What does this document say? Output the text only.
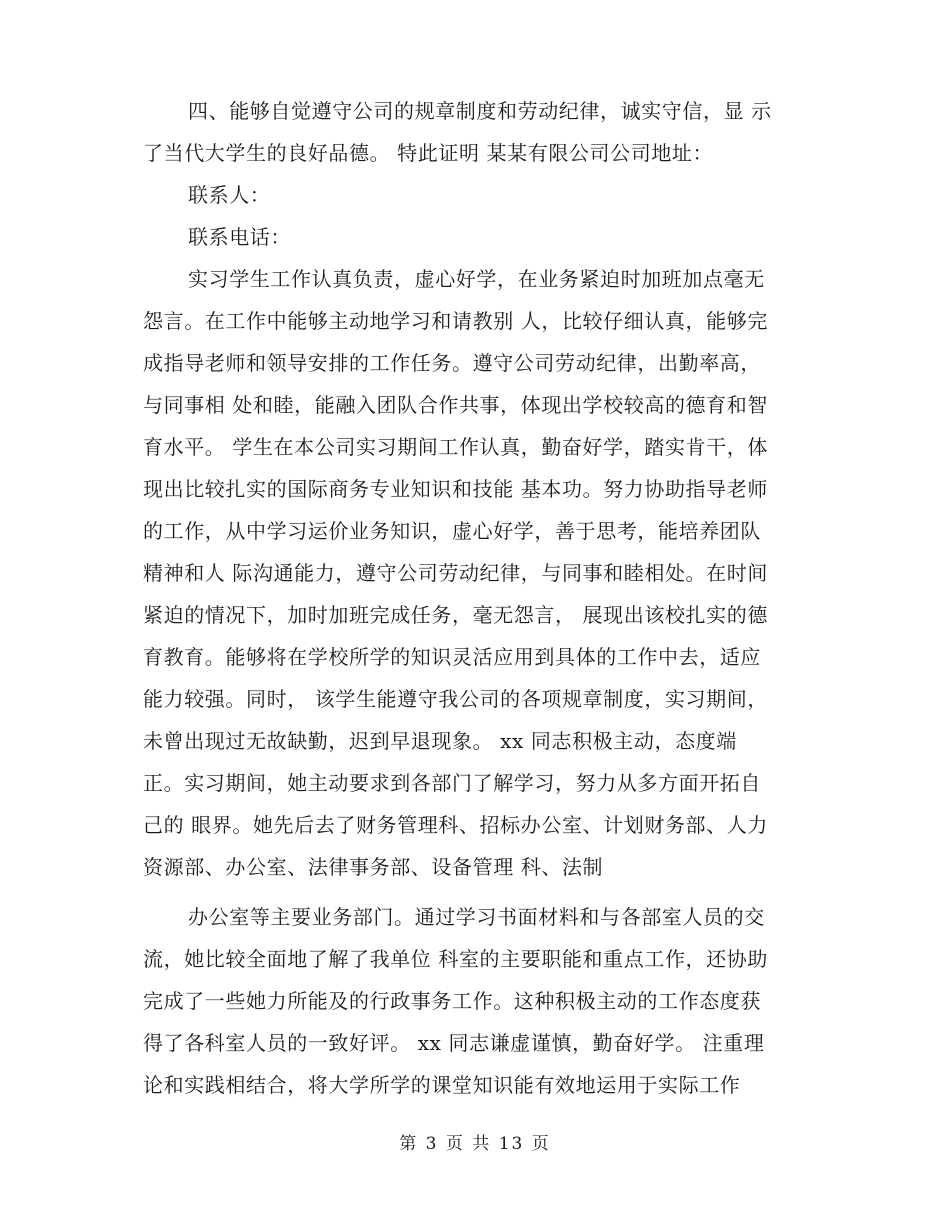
四、能够自觉遵守公司的规章制度和劳动纪律，诚实守信，显 示
了当代大学生的良好品德。 特此证明 某某有限公司公司地址：
联系人：
联系电话：
实习学生工作认真负责，虚心好学，在业务紧迫时加班加点毫无
怨言。在工作中能够主动地学习和请教别 人，比较仔细认真，能够完
成指导老师和领导安排的工作任务。遵守公司劳动纪律，出勤率高，
与同事相 处和睦，能融入团队合作共事，体现出学校较高的德育和智
育水平。 学生在本公司实习期间工作认真，勤奋好学，踏实肯干，体
现出比较扎实的国际商务专业知识和技能 基本功。努力协助指导老师
的工作，从中学习运价业务知识，虚心好学，善于思考，能培养团队
精神和人 际沟通能力，遵守公司劳动纪律，与同事和睦相处。在时间
紧迫的情况下，加时加班完成任务，毫无怨言， 展现出该校扎实的德
育教育。能够将在学校所学的知识灵活应用到具体的工作中去，适应
能力较强。同时， 该学生能遵守我公司的各项规章制度，实习期间，
未曾出现过无故缺勤，迟到早退现象。 xx 同志积极主动，态度端
正。实习期间，她主动要求到各部门了解学习，努力从多方面开拓自
己的 眼界。她先后去了财务管理科、招标办公室、计划财务部、人力
资源部、办公室、法律事务部、设备管理 科、法制
办公室等主要业务部门。通过学习书面材料和与各部室人员的交
流，她比较全面地了解了我单位 科室的主要职能和重点工作，还协助
完成了一些她力所能及的行政事务工作。这种积极主动的工作态度获
得了各科室人员的一致好评。 xx 同志谦虚谨慎，勤奋好学。 注重理
论和实践相结合，将大学所学的课堂知识能有效地运用于实际工作
第 3 页 共 13 页
